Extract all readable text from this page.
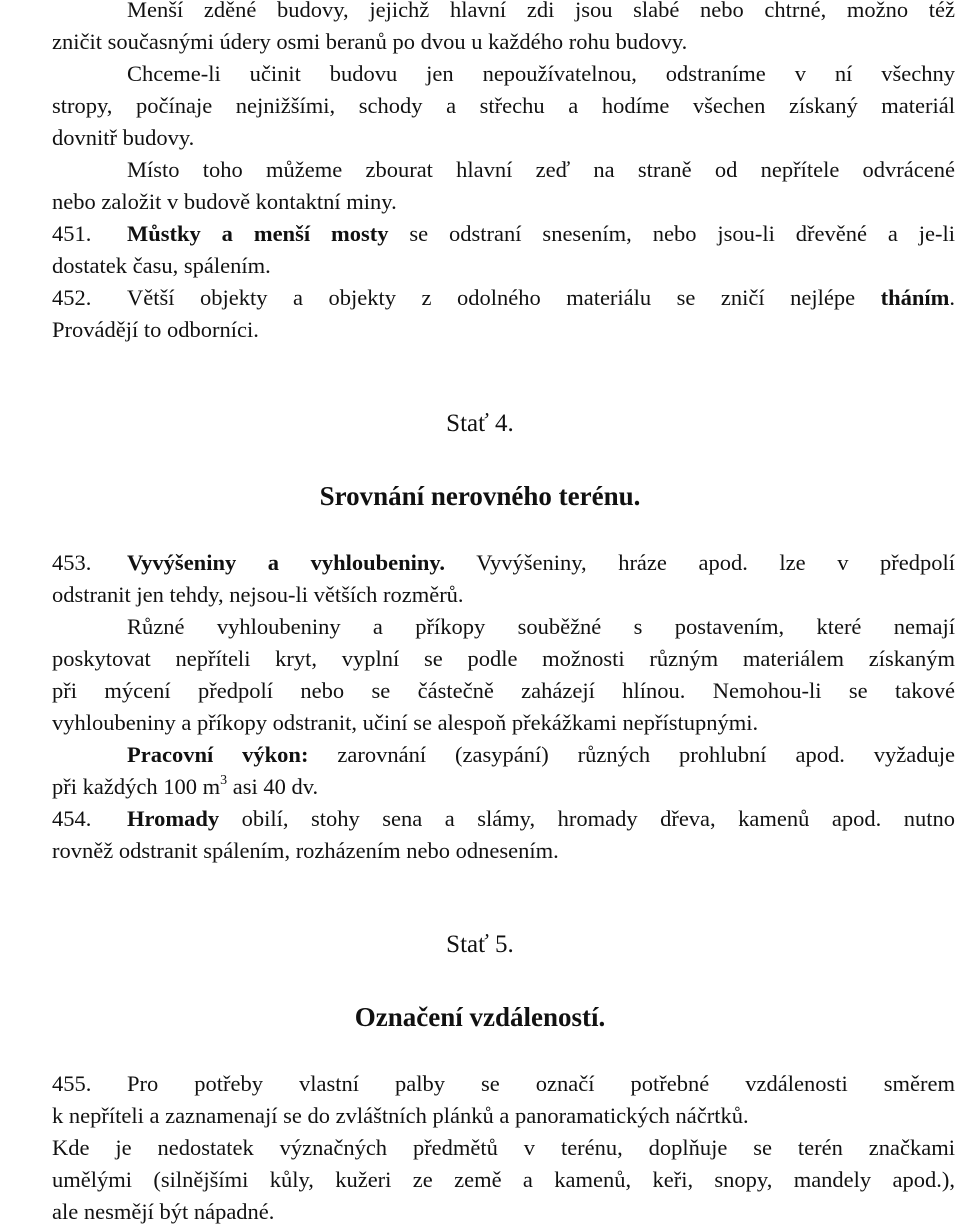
Menší zděné budovy, jejichž hlavní zdi jsou slabé nebo chtrné, možno též
zničit současnými údery osmi beranů po dvou u každého rohu budovy.
Chceme-li učinit budovu jen nepoužívatelnou, odstraníme v ní všechny
stropy, počínaje nejnižšími, schody a střechu a hodíme všechen získaný materiál
dovnitř budovy.
Místo toho můžeme zbourat hlavní zeď na straně od nepřítele odvrácené
nebo založit v budově kontaktní miny.
451.	Můstky a menší mosty se odstraní snesením, nebo jsou-li dřevěné a je-li
dostatek času, spálením.
452.	Větší objekty a objekty z odolného materiálu se zničí nejlépe tháním.
Provádějí to odborníci.
Stať 4.
Srovnání nerovného terénu.
453.	Vyvýšeniny a vyhloubeniny. Vyvýšeniny, hráze apod. lze v předpolí
odstranit jen tehdy, nejsou-li větších rozměrů.
Různé vyhloubeniny a příkopy souběžné s postavením, které nemají
poskytovat nepříteli kryt, vyplní se podle možnosti různým materiálem získaným
při mýcení předpolí nebo se částečně zaházejí hlínou. Nemohou-li se takové
vyhloubeniny a příkopy odstranit, učiní se alespoň překážkami nepřístupnými.
Pracovní výkon: zarovnání (zasypání) různých prohlubní apod. vyžaduje
při každých 100 $m^3$ asi 40 dv.
454.	Hromady obilí, stohy sena a slámy, hromady dřeva, kamenů apod. nutno
rovněž odstranit spálením, rozházením nebo odnesením.
Stať 5.
Označení vzdáleností.
455.	Pro potřeby vlastní palby se označí potřebné vzdálenosti směrem
k nepříteli a zaznamenají se do zvláštních plánků a panoramatických náčrtků.
Kde je nedostatek význačných předmětů v terénu, doplňuje se terén značkami
umělými (silnějšími kůly, kužeri ze země a kamenů, keři, snopy, mandely apod.),
ale nesmějí být nápadné.
